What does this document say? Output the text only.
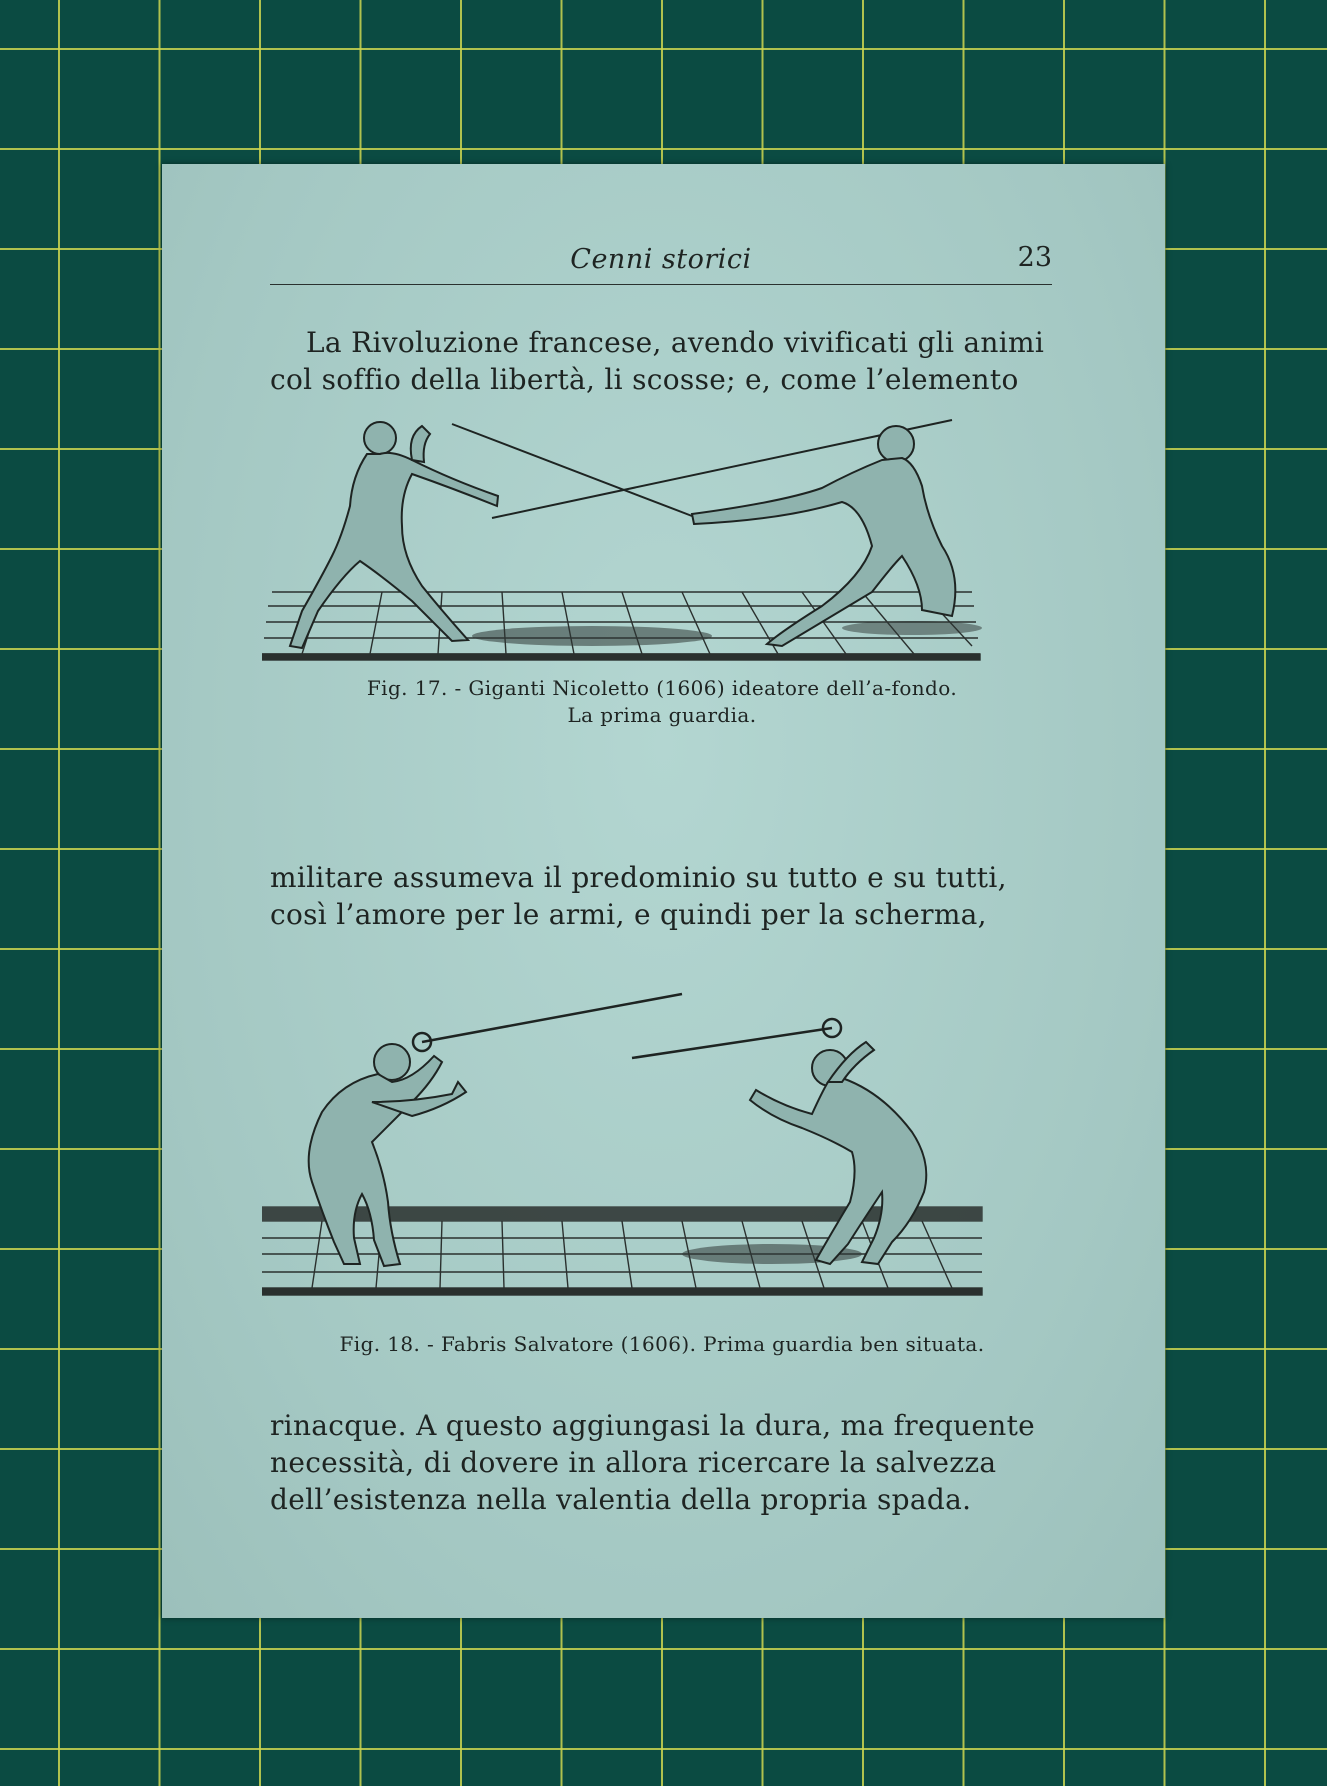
Cenni storici	23
La Rivoluzione francese, avendo vivificati gli animi
col soffio della libertà, li scosse; e, come l’elemento
Fig. 17. - Giganti Nicoletto (1606) ideatore dell’a-fondo.
La prima guardia.
militare assumeva il predominio su tutto e su tutti,
così l’amore per le armi, e quindi per la scherma,
Fig. 18. - Fabris Salvatore (1606). Prima guardia ben situata.
rinacque. A questo aggiungasi la dura, ma frequente
necessità, di dovere in allora ricercare la salvezza
dell’esistenza nella valentia della propria spada.
